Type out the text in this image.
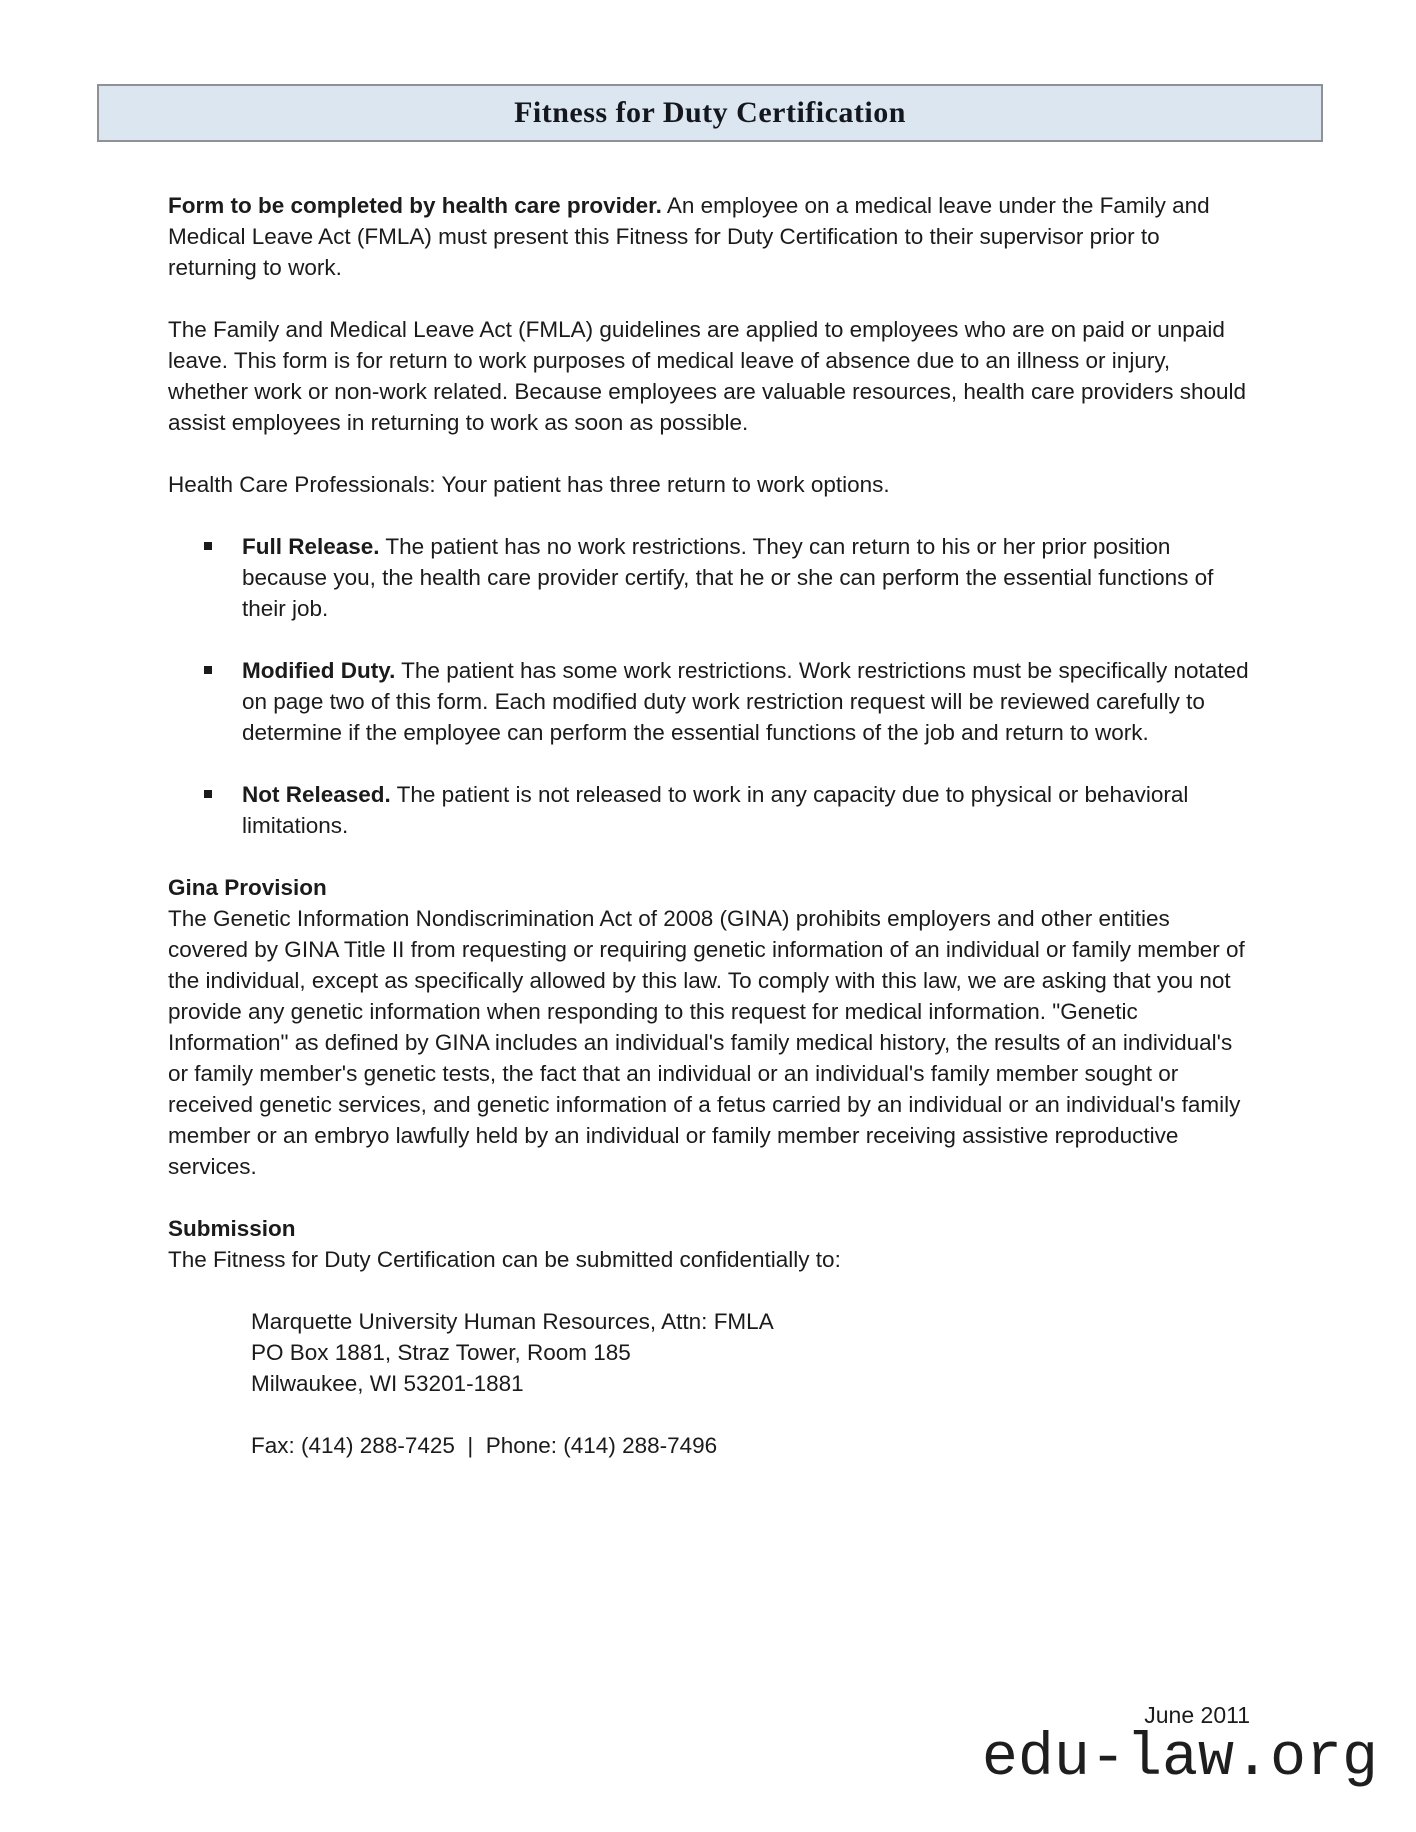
Fitness for Duty Certification

Form to be completed by health care provider. An employee on a medical leave under the Family and Medical Leave Act (FMLA) must present this Fitness for Duty Certification to their supervisor prior to returning to work.

The Family and Medical Leave Act (FMLA) guidelines are applied to employees who are on paid or unpaid leave. This form is for return to work purposes of medical leave of absence due to an illness or injury, whether work or non-work related. Because employees are valuable resources, health care providers should assist employees in returning to work as soon as possible.

Health Care Professionals: Your patient has three return to work options.

Full Release. The patient has no work restrictions. They can return to his or her prior position because you, the health care provider certify, that he or she can perform the essential functions of their job.
Modified Duty. The patient has some work restrictions. Work restrictions must be specifically notated on page two of this form. Each modified duty work restriction request will be reviewed carefully to determine if the employee can perform the essential functions of the job and return to work.
Not Released. The patient is not released to work in any capacity due to physical or behavioral limitations.

Gina Provision

The Genetic Information Nondiscrimination Act of 2008 (GINA) prohibits employers and other entities covered by GINA Title II from requesting or requiring genetic information of an individual or family member of the individual, except as specifically allowed by this law. To comply with this law, we are asking that you not provide any genetic information when responding to this request for medical information. "Genetic Information" as defined by GINA includes an individual's family medical history, the results of an individual's or family member's genetic tests, the fact that an individual or an individual's family member sought or received genetic services, and genetic information of a fetus carried by an individual or an individual's family member or an embryo lawfully held by an individual or family member receiving assistive reproductive services.

Submission

The Fitness for Duty Certification can be submitted confidentially to:

Marquette University Human Resources, Attn: FMLA

PO Box 1881, Straz Tower, Room 185

Milwaukee, WI 53201-1881

Fax: (414) 288-7425  |  Phone: (414) 288-7496

June 2011
edu-law.org
